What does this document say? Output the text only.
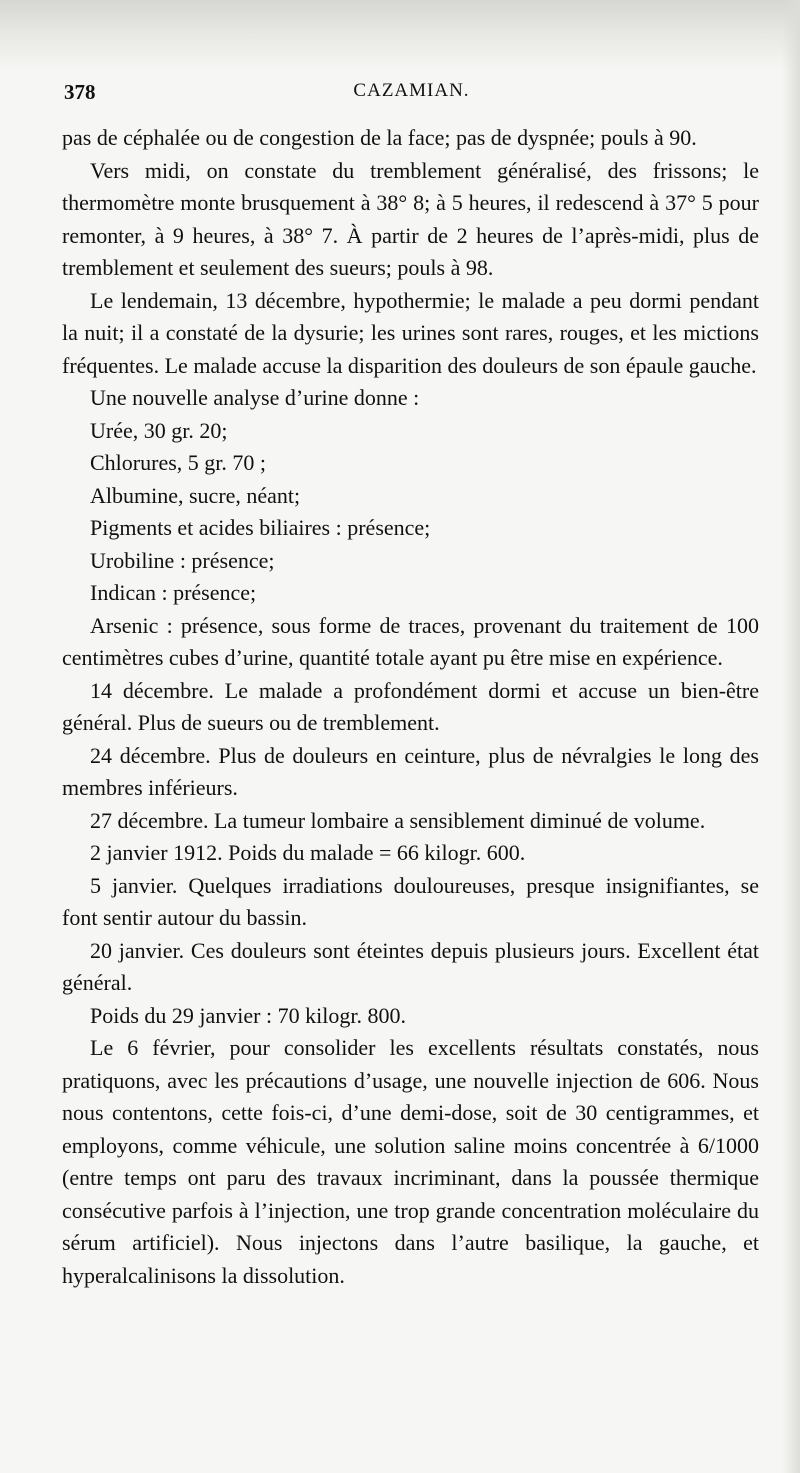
378	CAZAMIAN.

pas de céphalée ou de congestion de la face; pas de dyspnée; pouls à 90.

Vers midi, on constate du tremblement généralisé, des frissons; le thermomètre monte brusquement à 38° 8; à 5 heures, il redescend à 37° 5 pour remonter, à 9 heures, à 38° 7. À partir de 2 heures de l’après-midi, plus de tremblement et seulement des sueurs; pouls à 98.

Le lendemain, 13 décembre, hypothermie; le malade a peu dormi pendant la nuit; il a constaté de la dysurie; les urines sont rares, rouges, et les mictions fréquentes. Le malade accuse la disparition des douleurs de son épaule gauche.

Une nouvelle analyse d’urine donne :

Urée, 30 gr. 20;

Chlorures, 5 gr. 70 ;

Albumine, sucre, néant;

Pigments et acides biliaires : présence;

Urobiline : présence;

Indican : présence;

Arsenic : présence, sous forme de traces, provenant du traitement de 100 centimètres cubes d’urine, quantité totale ayant pu être mise en expérience.

14 décembre. Le malade a profondément dormi et accuse un bien-être général. Plus de sueurs ou de tremblement.

24 décembre. Plus de douleurs en ceinture, plus de névralgies le long des membres inférieurs.

27 décembre. La tumeur lombaire a sensiblement diminué de volume.

2 janvier 1912. Poids du malade = 66 kilogr. 600.

5 janvier. Quelques irradiations douloureuses, presque insignifiantes, se font sentir autour du bassin.

20 janvier. Ces douleurs sont éteintes depuis plusieurs jours. Excellent état général.

Poids du 29 janvier : 70 kilogr. 800.

Le 6 février, pour consolider les excellents résultats constatés, nous pratiquons, avec les précautions d’usage, une nouvelle injection de 606. Nous nous contentons, cette fois-ci, d’une demi-dose, soit de 30 centigrammes, et employons, comme véhicule, une solution saline moins concentrée à 6/1000 (entre temps ont paru des travaux incriminant, dans la poussée thermique consécutive parfois à l’injection, une trop grande concentration moléculaire du sérum artificiel). Nous injectons dans l’autre basilique, la gauche, et hyperalcalinisons la dissolution.
